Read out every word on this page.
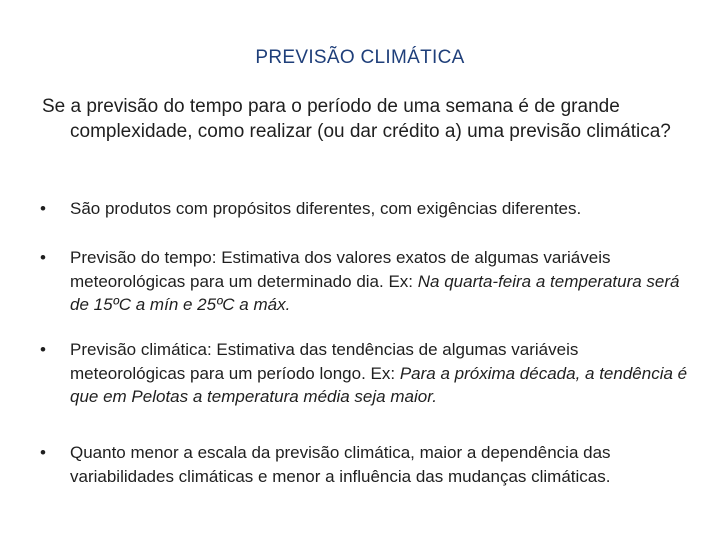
PREVISÃO CLIMÁTICA
Se a previsão do tempo para o período de uma semana é de grande complexidade, como realizar (ou dar crédito a) uma previsão climática?
• São produtos com propósitos diferentes, com exigências diferentes.
• Previsão do tempo: Estimativa dos valores exatos de algumas variáveis meteorológicas para um determinado dia. Ex: Na quarta-feira a temperatura será de 15ºC a mín e 25ºC a máx.
• Previsão climática: Estimativa das tendências de algumas variáveis meteorológicas para um período longo. Ex: Para a próxima década, a tendência é que em Pelotas a temperatura média seja maior.
• Quanto menor a escala da previsão climática, maior a dependência das variabilidades climáticas e menor a influência das mudanças climáticas.
